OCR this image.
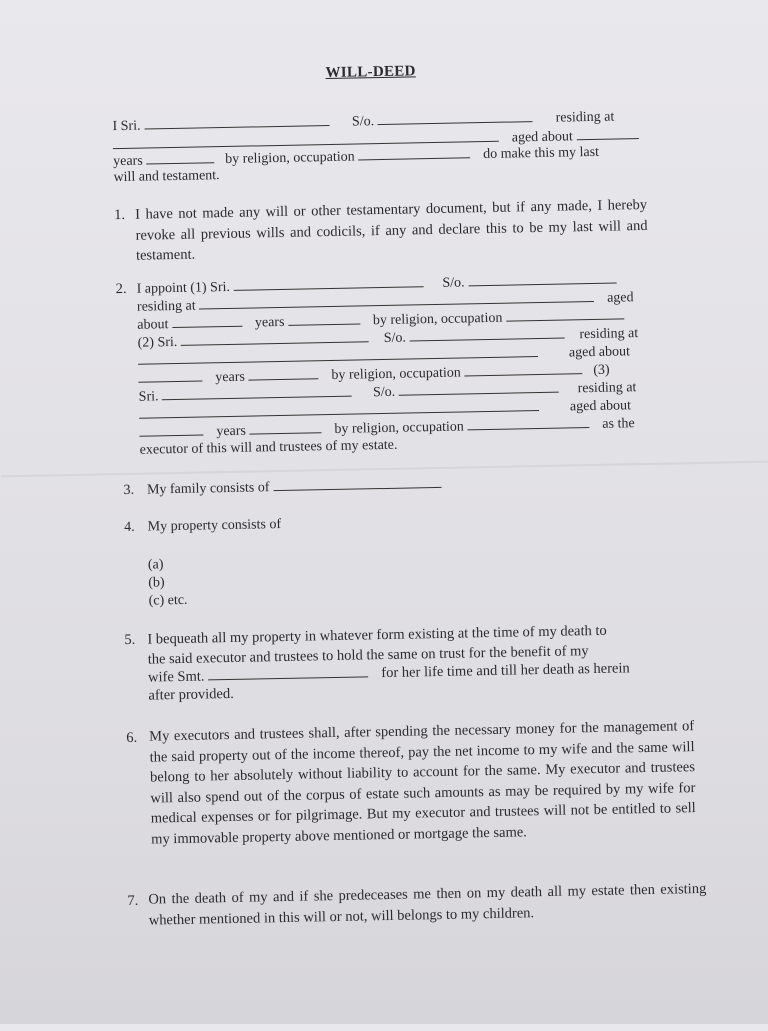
WILL-DEED
I Sri.	S/o.	residing at
aged about
years	by religion, occupation	do make this my last
will and testament.
1. I have not made any will or other testamentary document, but if any made, I hereby revoke all previous wills and codicils, if any and declare this to be my last will and testament.
2. I appoint (1) Sri.	S/o.
residing at   aged
about	years	by religion, occupation
(2) Sri.	S/o.	residing at
aged about
years	by religion, occupation	(3)
Sri.	S/o.	residing at
aged about
years	by religion, occupation	as the
executor of this will and trustees of my estate.
3. My family consists of
4. My property consists of
(a)
(b)
(c) etc.
5. I bequeath all my property in whatever form existing at the time of my death to
the said executor and trustees to hold the same on trust for the benefit of my
wife Smt.	for her life time and till her death as herein
after provided.
6. My executors and trustees shall, after spending the necessary money for the management of the said property out of the income thereof, pay the net income to my wife and the same will belong to her absolutely without liability to account for the same. My executor and trustees will also spend out of the corpus of estate such amounts as may be required by my wife for medical expenses or for pilgrimage. But my executor and trustees will not be entitled to sell my immovable property above mentioned or mortgage the same.
7. On the death of my and if she predeceases me then on my death all my estate then existing whether mentioned in this will or not, will belongs to my children.
